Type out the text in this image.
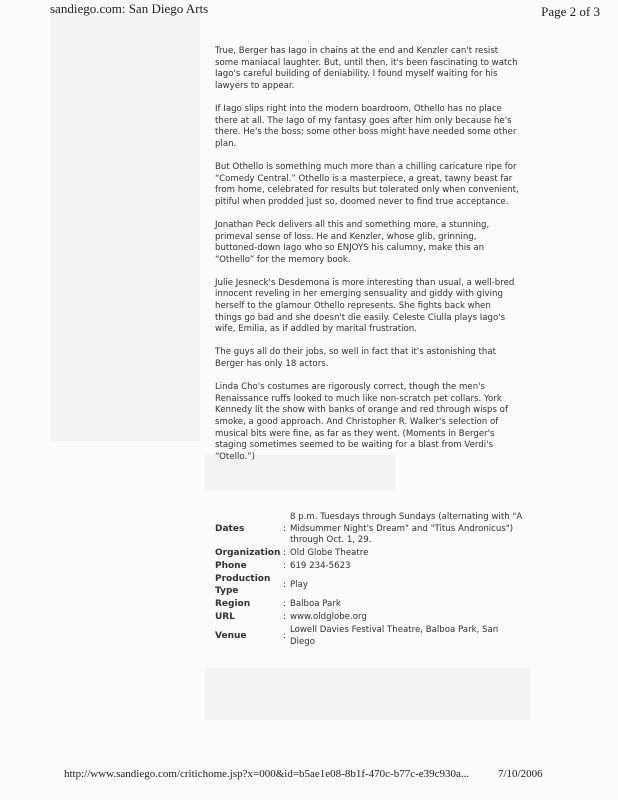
sandiego.com: San Diego Arts	Page 2 of 3

True, Berger has Iago in chains at the end and Kenzler can't resist some maniacal laughter. But, until then, it's been fascinating to watch Iago's careful building of deniability. I found myself waiting for his lawyers to appear.

If Iago slips right into the modern boardroom, Othello has no place there at all. The Iago of my fantasy goes after him only because he's there. He's the boss; some other boss might have needed some other plan.

But Othello is something much more than a chilling caricature ripe for “Comedy Central.” Othello is a masterpiece, a great, tawny beast far from home, celebrated for results but tolerated only when convenient, pitiful when prodded just so, doomed never to find true acceptance.

Jonathan Peck delivers all this and something more, a stunning, primeval sense of loss. He and Kenzler, whose glib, grinning, buttoned-down Iago who so ENJOYS his calumny, make this an “Othello” for the memory book.

Julie Jesneck's Desdemona is more interesting than usual, a well-bred innocent reveling in her emerging sensuality and giddy with giving herself to the glamour Othello represents. She fights back when things go bad and she doesn't die easily. Celeste Ciulla plays Iago's wife, Emilia, as if addled by marital frustration.

The guys all do their jobs, so well in fact that it's astonishing that Berger has only 18 actors.

Linda Cho's costumes are rigorously correct, though the men's Renaissance ruffs looked to much like non-scratch pet collars. York Kennedy lit the show with banks of orange and red through wisps of smoke, a good approach. And Christopher R. Walker's selection of musical bits were fine, as far as they went. (Moments in Berger's staging sometimes seemed to be waiting for a blast from Verdi's “Otello.”)

Dates	:	8 p.m. Tuesdays through Sundays (alternating with "A Midsummer Night's Dream" and "Titus Andronicus") through Oct. 1, 29.
Organization	:	Old Globe Theatre
Phone	:	619 234-5623
Production Type	:	Play
Region	:	Balboa Park
URL	:	www.oldglobe.org
Venue	:	Lowell Davies Festival Theatre, Balboa Park, San Diego
http://www.sandiego.com/critichome.jsp?x=000&id=b5ae1e08-8b1f-470c-b77c-e39c930a...	7/10/2006
